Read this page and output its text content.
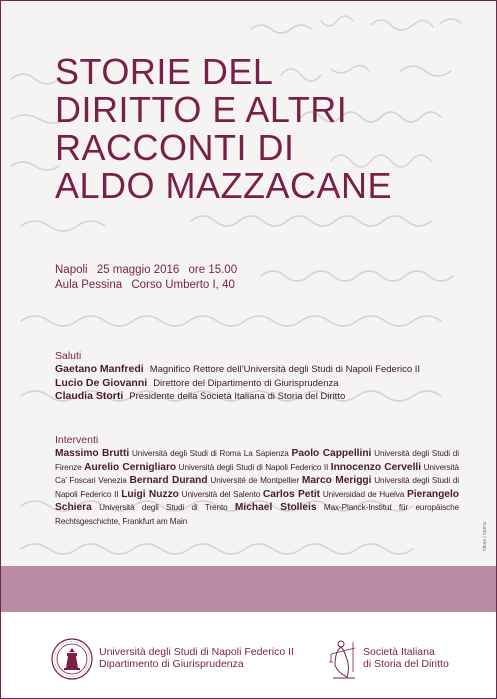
STORIE DEL
DIRITTO E ALTRI
RACCONTI DI
ALDO MAZZACANE
Napoli 25 maggio 2016 ore 15.00
Aula Pessina Corso Umberto I, 40
Saluti
Gaetano Manfredi Magnifico Rettore dell’Università degli Studi di Napoli Federico II
Lucio De Giovanni Direttore del Dipartimento di Giurisprudenza
Claudia Storti Presidente della Società Italiana di Storia del Diritto
Interventi
Massimo Brutti Università degli Studi di Roma La Sapienza Paolo Cappellini Università degli Studi di Firenze Aurelio Cernigliaro Università degli Studi di Napoli Federico II Innocenzo Cervelli Università Ca’ Foscari Venezia Bernard Durand Université de Montpellier Marco Meriggi Università degli Studi di Napoli Federico II Luigi Nuzzo Università del Salento Carlos Petit Universidad de Huelva Pierangelo Schiera Università degli Studi di Trento Michael Stolleis Max-Planck-Institut für europäische Rechtsgeschichte, Frankfurt am Main
ideas | opera
Università degli Studi di Napoli Federico II
Dipartimento di Giurisprudenza
Società Italiana
di Storia del Diritto
